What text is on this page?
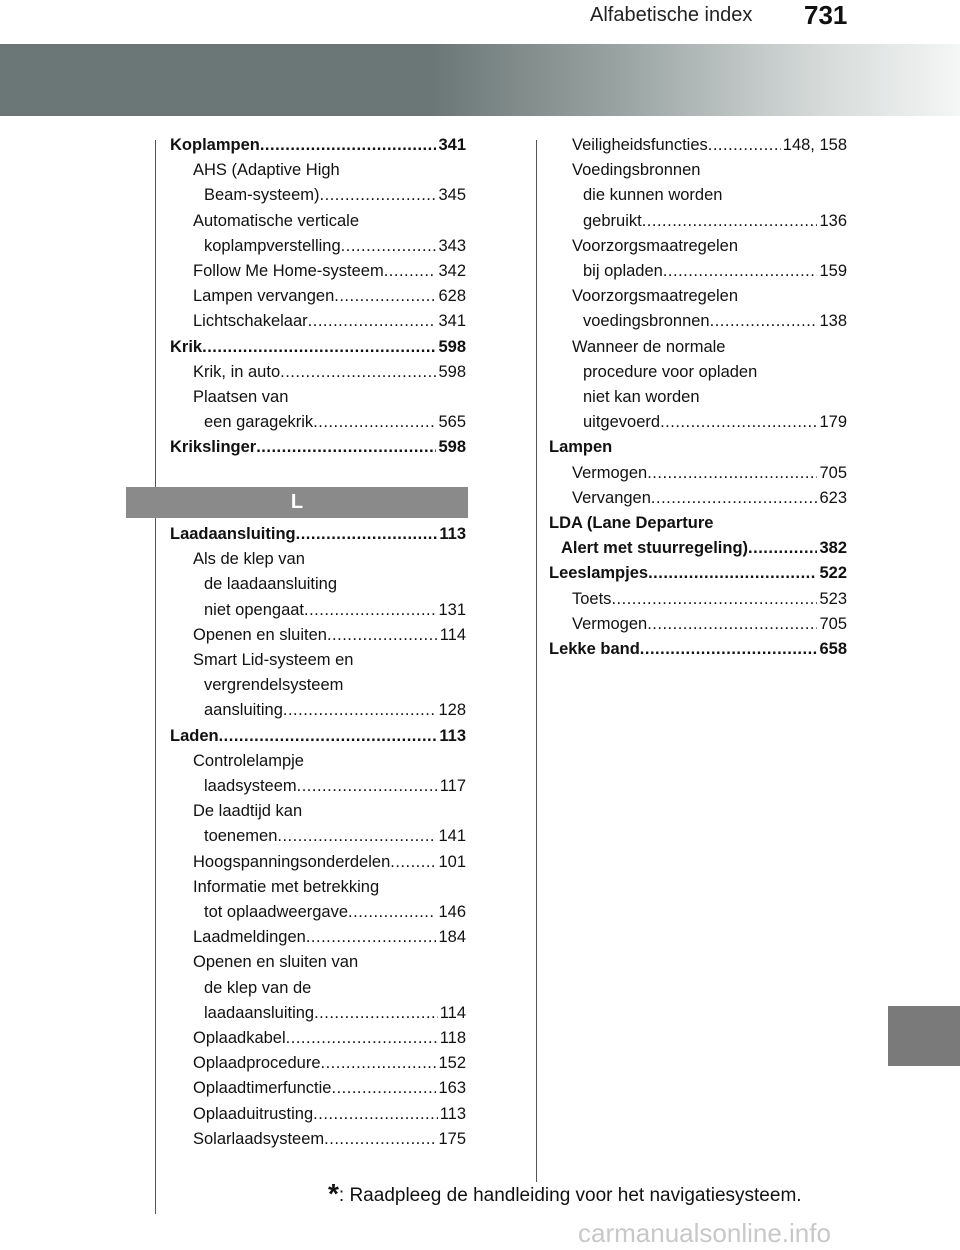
Alfabetische index 731
Koplampen .....	341
AHS (Adaptive High
Beam-systeem) .....	345
Automatische verticale
koplampverstelling .....	343
Follow Me Home-systeem .....	342
Lampen vervangen .....	628
Lichtschakelaar .....	341
Krik .....	598
Krik, in auto .....	598
Plaatsen van
een garagekrik .....	565
Krikslinger .....	598
L
Laadaansluiting .....	113
Als de klep van
de laadaansluiting
niet opengaat .....	131
Openen en sluiten .....	114
Smart Lid-systeem en
vergrendelsysteem
aansluiting .....	128
Laden .....	113
Controlelampje
laadsysteem .....	117
De laadtijd kan
toenemen .....	141
Hoogspanningsonderdelen .....	101
Informatie met betrekking
tot oplaadweergave .....	146
Laadmeldingen .....	184
Openen en sluiten van
de klep van de
laadaansluiting .....	114
Oplaadkabel .....	118
Oplaadprocedure .....	152
Oplaadtimerfunctie .....	163
Oplaaduitrusting .....	113
Solarlaadsysteem .....	175
Veiligheidsfuncties .....	148, 158
Voedingsbronnen
die kunnen worden
gebruikt .....	136
Voorzorgsmaatregelen
bij opladen .....	159
Voorzorgsmaatregelen
voedingsbronnen .....	138
Wanneer de normale
procedure voor opladen
niet kan worden
uitgevoerd .....	179
Lampen
Vermogen .....	705
Vervangen .....	623
LDA (Lane Departure
Alert met stuurregeling) .....	382
Leeslampjes .....	522
Toets .....	523
Vermogen .....	705
Lekke band .....	658
*: Raadpleeg de handleiding voor het navigatiesysteem.
carmanualsonline.info
